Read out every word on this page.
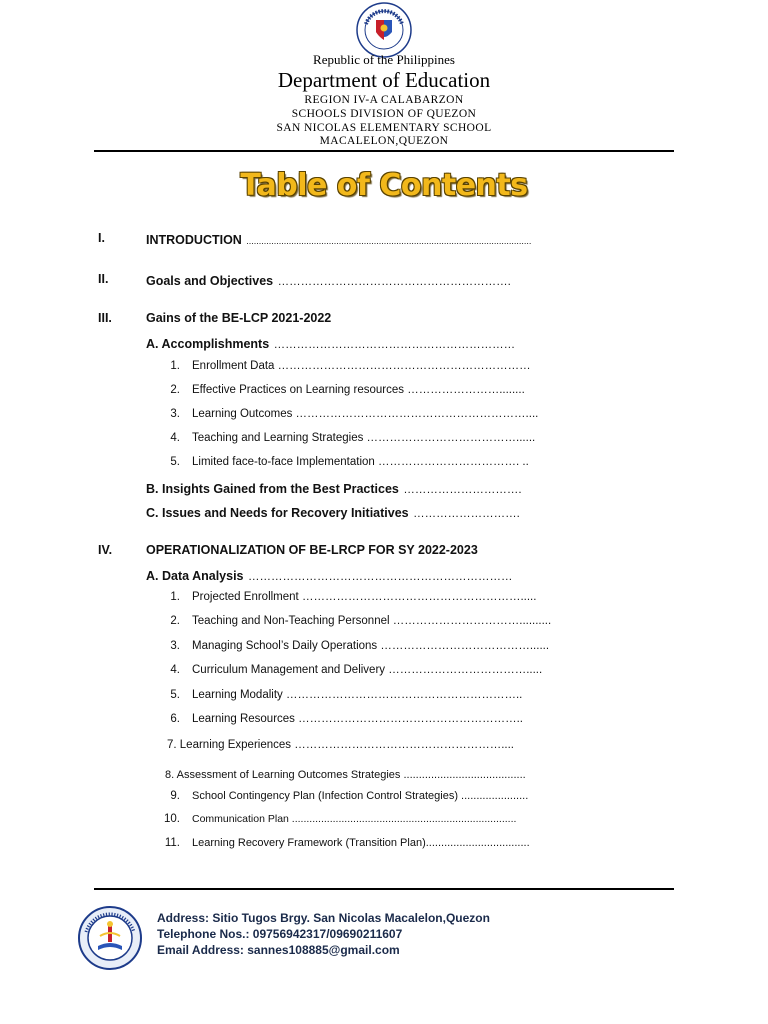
Republic of the Philippines
Department of Education
REGION IV-A CALABARZON
SCHOOLS DIVISION OF QUEZON
SAN NICOLAS ELEMENTARY SCHOOL
MACALELON,QUEZON
Table of Contents
I.	INTRODUCTION ..................................................................................................................
II.	Goals and Objectives …………………………………………………….
III.	Gains of the BE-LCP 2021-2022
A. Accomplishments ………………………………………………………
1. Enrollment Data …………………………………………………………
2. Effective Practices on Learning resources ……………………........
3. Learning Outcomes ……………………………………………………....
4. Teaching and Learning Strategies …………………………………......
5. Limited face-to-face Implementation ………………………………. ..
B. Insights Gained from the Best Practices ………………………….
C. Issues and Needs for Recovery Initiatives ……………………….
IV.	OPERATIONALIZATION OF BE-LRCP FOR SY 2022-2023
A. Data Analysis ……………………………………………………………
1. Projected Enrollment ………………………………………………….....
2. Teaching and Non-Teaching Personnel ……………………………..........
3. Managing School’s Daily Operations …………………………………......
4. Curriculum Management and Delivery ……………………………….....
5. Learning Modality ……………………………………………………..
6. Learning Resources …………………………………………………..
7. Learning Experiences ………………………………………………....
8. Assessment of Learning Outcomes Strategies ........................................
9. School Contingency Plan (Infection Control Strategies) ......................
10. Communication Plan .............................................................................
11. Learning Recovery Framework (Transition Plan)..................................
Address: Sitio Tugos Brgy. San Nicolas Macalelon,Quezon
Telephone Nos.: 09756942317/09690211607
Email Address: sannes108885@gmail.com
